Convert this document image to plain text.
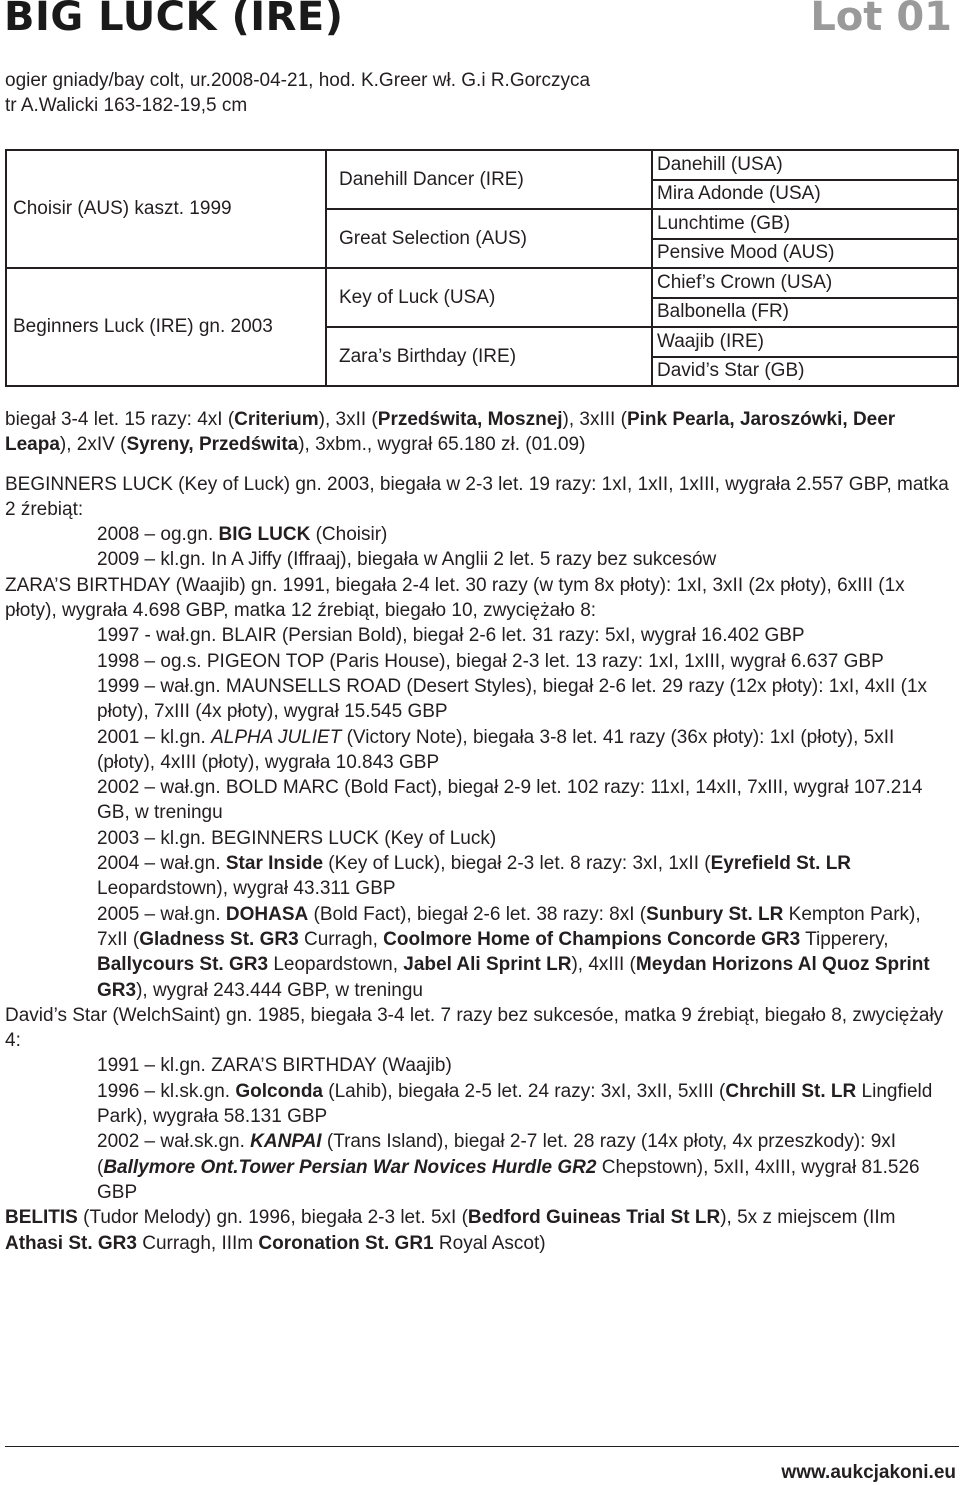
BIG LUCK (IRE)	Lot 01
ogier gniady/bay colt, ur.2008-04-21, hod. K.Greer wł. G.i R.Gorczyca
tr A.Walicki 163-182-19,5 cm
Choisir (AUS) kaszt. 1999	Danehill Dancer (IRE)	Danehill (USA)
		Mira Adonde (USA)
	Great Selection (AUS)	Lunchtime (GB)
		Pensive Mood (AUS)
Beginners Luck (IRE) gn. 2003	Key of Luck (USA)	Chief’s Crown (USA)
		Balbonella (FR)
	Zara’s Birthday (IRE)	Waajib (IRE)
		David’s Star (GB)

biegał 3-4 let. 15 razy: 4xI (Criterium), 3xII (Przedświta, Mosznej), 3xIII (Pink Pearla, Jaroszówki, Deer Leapa), 2xIV (Syreny, Przedświta), 3xbm., wygrał 65.180 zł. (01.09)

BEGINNERS LUCK (Key of Luck) gn. 2003, biegała w 2-3 let. 19 razy: 1xI, 1xII, 1xIII, wygrała 2.557 GBP, matka 2 źrebiąt:

2008 – og.gn. BIG LUCK (Choisir)

2009 – kl.gn. In A Jiffy (Iffraaj), biegała w Anglii 2 let. 5 razy bez sukcesów

ZARA’S BIRTHDAY (Waajib) gn. 1991, biegała 2-4 let. 30 razy (w tym 8x płoty): 1xI, 3xII (2x płoty), 6xIII (1x płoty), wygrała 4.698 GBP, matka 12 źrebiąt, biegało 10, zwyciężało 8:

1997 - wał.gn. BLAIR (Persian Bold), biegał 2-6 let. 31 razy: 5xI, wygrał 16.402 GBP

1998 – og.s. PIGEON TOP (Paris House), biegał 2-3 let. 13 razy: 1xI, 1xIII, wygrał 6.637 GBP

1999 – wał.gn. MAUNSELLS ROAD (Desert Styles), biegał 2-6 let. 29 razy (12x płoty): 1xI, 4xII (1x płoty), 7xIII (4x płoty), wygrał 15.545 GBP

2001 – kl.gn. ALPHA JULIET (Victory Note), biegała 3-8 let. 41 razy (36x płoty): 1xI (płoty), 5xII (płoty), 4xIII (płoty), wygrała 10.843 GBP

2002 – wał.gn. BOLD MARC (Bold Fact), biegał 2-9 let. 102 razy: 11xI, 14xII, 7xIII, wygrał 107.214 GB, w treningu

2003 – kl.gn. BEGINNERS LUCK (Key of Luck)

2004 – wał.gn. Star Inside (Key of Luck), biegał 2-3 let. 8 razy: 3xI, 1xII (Eyrefield St. LR Leopardstown), wygrał 43.311 GBP

2005 – wał.gn. DOHASA (Bold Fact), biegał 2-6 let. 38 razy: 8xI (Sunbury St. LR Kempton Park), 7xII (Gladness St. GR3 Curragh, Coolmore Home of Champions Concorde GR3 Tipperery, Ballycours St. GR3 Leopardstown, Jabel Ali Sprint LR), 4xIII (Meydan Horizons Al Quoz Sprint GR3), wygrał 243.444 GBP, w treningu

David’s Star (WelchSaint) gn. 1985, biegała 3-4 let. 7 razy bez sukcesóe, matka 9 źrebiąt, biegało 8, zwyciężały 4:

1991 – kl.gn. ZARA’S BIRTHDAY (Waajib)

1996 – kl.sk.gn. Golconda (Lahib), biegała 2-5 let. 24 razy: 3xI, 3xII, 5xIII (Chrchill St. LR Lingfield Park), wygrała 58.131 GBP

2002 – wał.sk.gn. KANPAI (Trans Island), biegał 2-7 let. 28 razy (14x płoty, 4x przeszkody): 9xI (Ballymore Ont.Tower Persian War Novices Hurdle GR2 Chepstown), 5xII, 4xIII, wygrał 81.526 GBP

BELITIS (Tudor Melody) gn. 1996, biegała 2-3 let. 5xI (Bedford Guineas Trial St LR), 5x z miejscem (IIm Athasi St. GR3 Curragh, IIIm Coronation St. GR1 Royal Ascot)

www.aukcjakoni.eu
